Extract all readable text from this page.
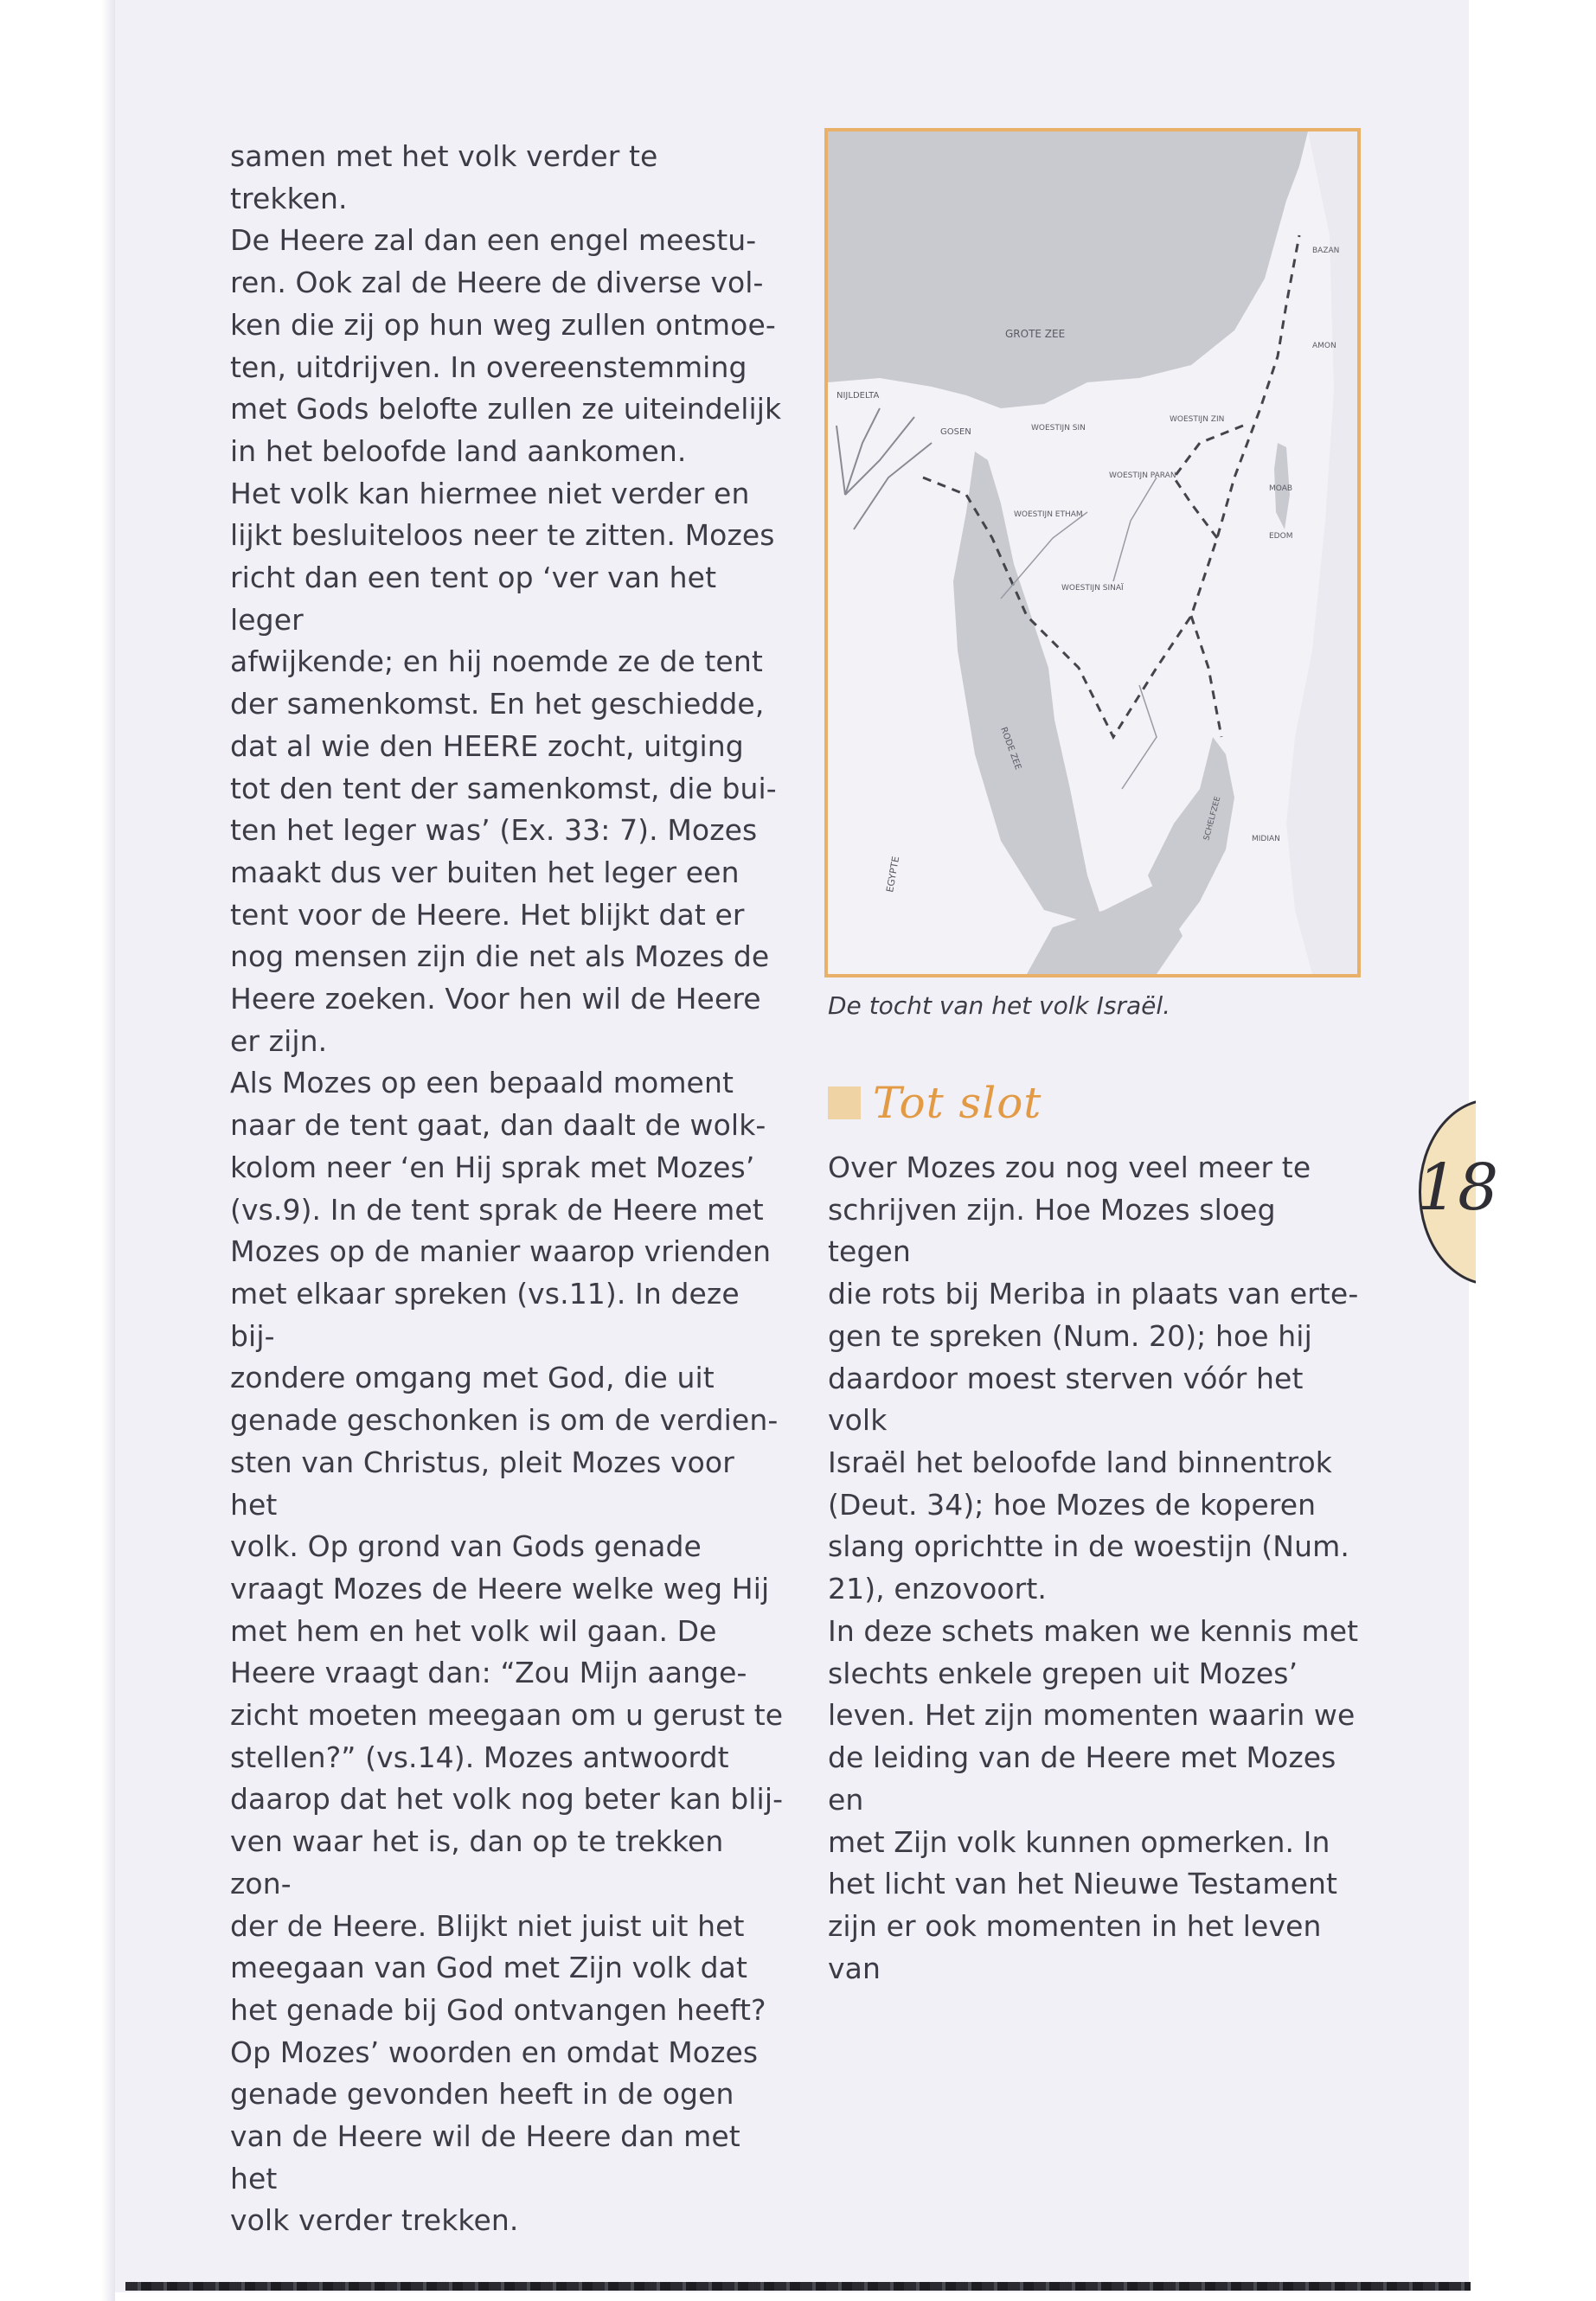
samen met het volk verder te trekken.

De Heere zal dan een engel meestu-

ren. Ook zal de Heere de diverse vol-

ken die zij op hun weg zullen ontmoe-

ten, uitdrijven. In overeenstemming

met Gods belofte zullen ze uiteindelijk

in het beloofde land aankomen.

Het volk kan hiermee niet verder en

lijkt besluiteloos neer te zitten. Mozes

richt dan een tent op ‘ver van het leger

afwijkende; en hij noemde ze de tent

der samenkomst. En het geschiedde,

dat al wie den HEERE zocht, uitging

tot den tent der samenkomst, die bui-

ten het leger was’ (Ex. 33: 7). Mozes

maakt dus ver buiten het leger een

tent voor de Heere. Het blijkt dat er

nog mensen zijn die net als Mozes de

Heere zoeken. Voor hen wil de Heere

er zijn.

Als Mozes op een bepaald moment

naar de tent gaat, dan daalt de wolk-

kolom neer ‘en Hij sprak met Mozes’

(vs.9). In de tent sprak de Heere met

Mozes op de manier waarop vrienden

met elkaar spreken (vs.11). In deze bij-

zondere omgang met God, die uit

genade geschonken is om de verdien-

sten van Christus, pleit Mozes voor het

volk. Op grond van Gods genade

vraagt Mozes de Heere welke weg Hij

met hem en het volk wil gaan. De

Heere vraagt dan: “Zou Mijn aange-

zicht moeten meegaan om u gerust te

stellen?” (vs.14). Mozes antwoordt

daarop dat het volk nog beter kan blij-

ven waar het is, dan op te trekken zon-

der de Heere. Blijkt niet juist uit het

meegaan van God met Zijn volk dat

het genade bij God ontvangen heeft?

Op Mozes’ woorden en omdat Mozes

genade gevonden heeft in de ogen

van de Heere wil de Heere dan met het

volk verder trekken.

GROTE ZEE
NIJLDELTA
GOSEN	WOESTIJN SIN
WOESTIJN PARAN
WOESTIJN ETHAM
WOESTIJN SINAÏ
WOESTIJN ZIN
MOAB
EDOM
AMON
BAZAN
MIDIAN
EGYPTE
RODE ZEE
SCHELFZEE
De tocht van het volk Israël.
Tot slot

Over Mozes zou nog veel meer te

schrijven zijn. Hoe Mozes sloeg tegen

die rots bij Meriba in plaats van erte-

gen te spreken (Num. 20); hoe hij

daardoor moest sterven vóór het volk

Israël het beloofde land binnentrok

(Deut. 34); hoe Mozes de koperen

slang oprichtte in de woestijn (Num.

21), enzovoort.

In deze schets maken we kennis met

slechts enkele grepen uit Mozes’

leven. Het zijn momenten waarin we

de leiding van de Heere met Mozes en

met Zijn volk kunnen opmerken. In

het licht van het Nieuwe Testament

zijn er ook momenten in het leven van

18
